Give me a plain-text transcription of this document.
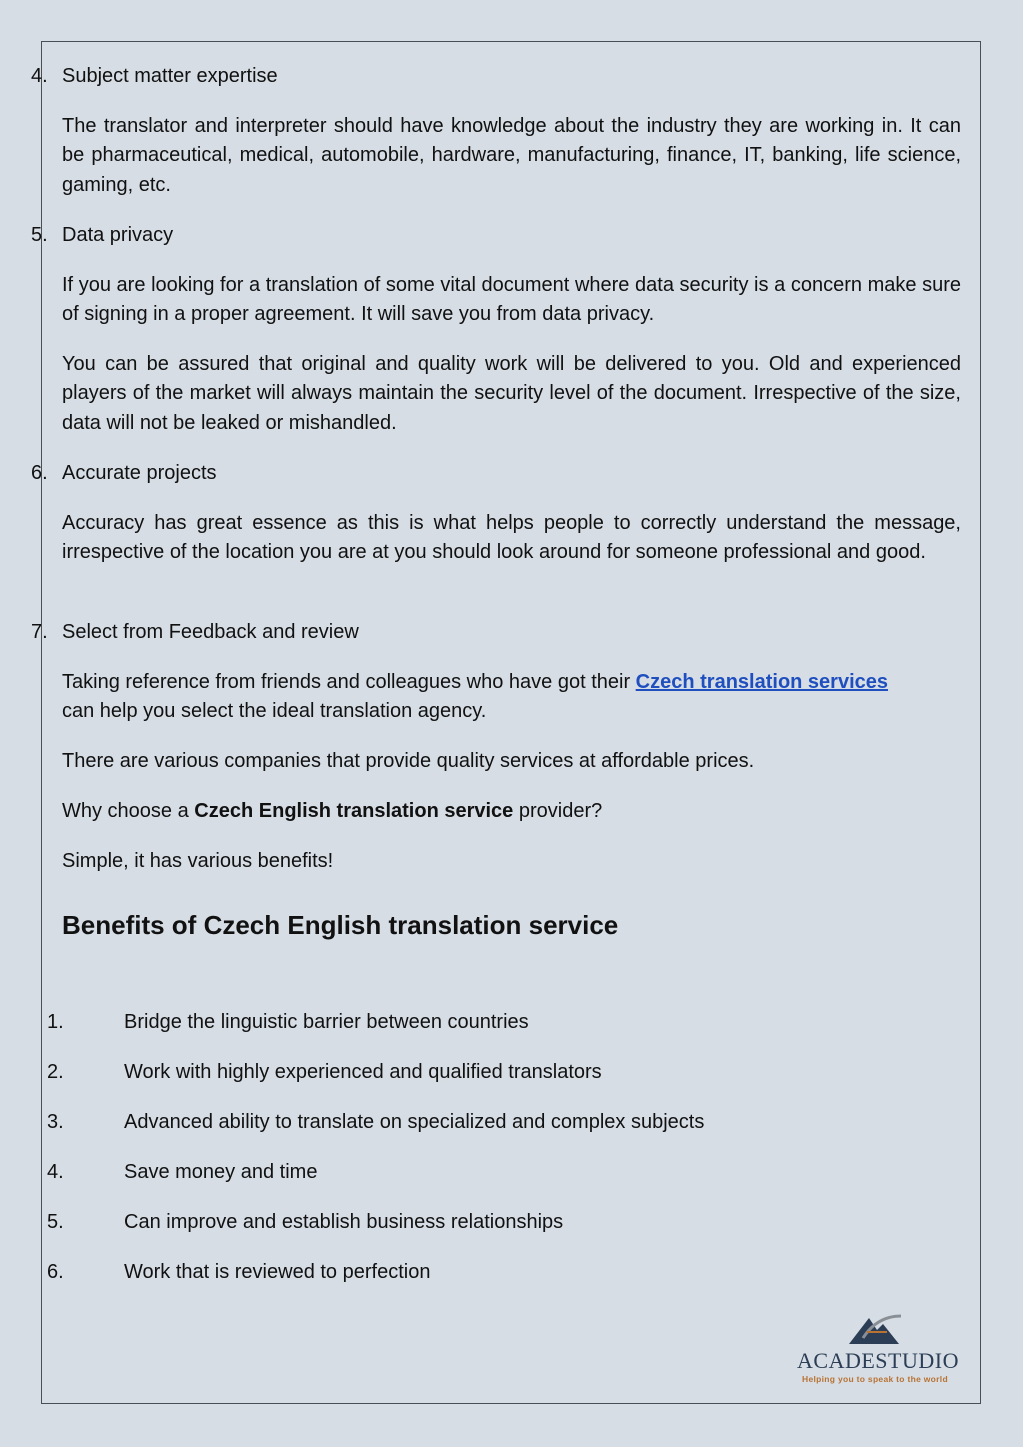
4. Subject matter expertise

The translator and interpreter should have knowledge about the industry they are working in. It can be pharmaceutical, medical, automobile, hardware, manufacturing, finance, IT, banking, life science, gaming, etc.

5. Data privacy

If you are looking for a translation of some vital document where data security is a concern make sure of signing in a proper agreement. It will save you from data privacy.

You can be assured that original and quality work will be delivered to you. Old and experienced players of the market will always maintain the security level of the document. Irrespective of the size, data will not be leaked or mishandled.

6. Accurate projects

Accuracy has great essence as this is what helps people to correctly understand the message, irrespective of the location you are at you should look around for someone professional and good.

7. Select from Feedback and review

Taking reference from friends and colleagues who have got their Czech translation services
can help you select the ideal translation agency.

There are various companies that provide quality services at affordable prices.

Why choose a Czech English translation service provider?

Simple, it has various benefits!

Benefits of Czech English translation service
1.	Bridge the linguistic barrier between countries
2.	Work with highly experienced and qualified translators
3.	Advanced ability to translate on specialized and complex subjects
4.	Save money and time
5.	Can improve and establish business relationships
6.	Work that is reviewed to perfection
ACADESTUDIO
Helping you to speak to the world
